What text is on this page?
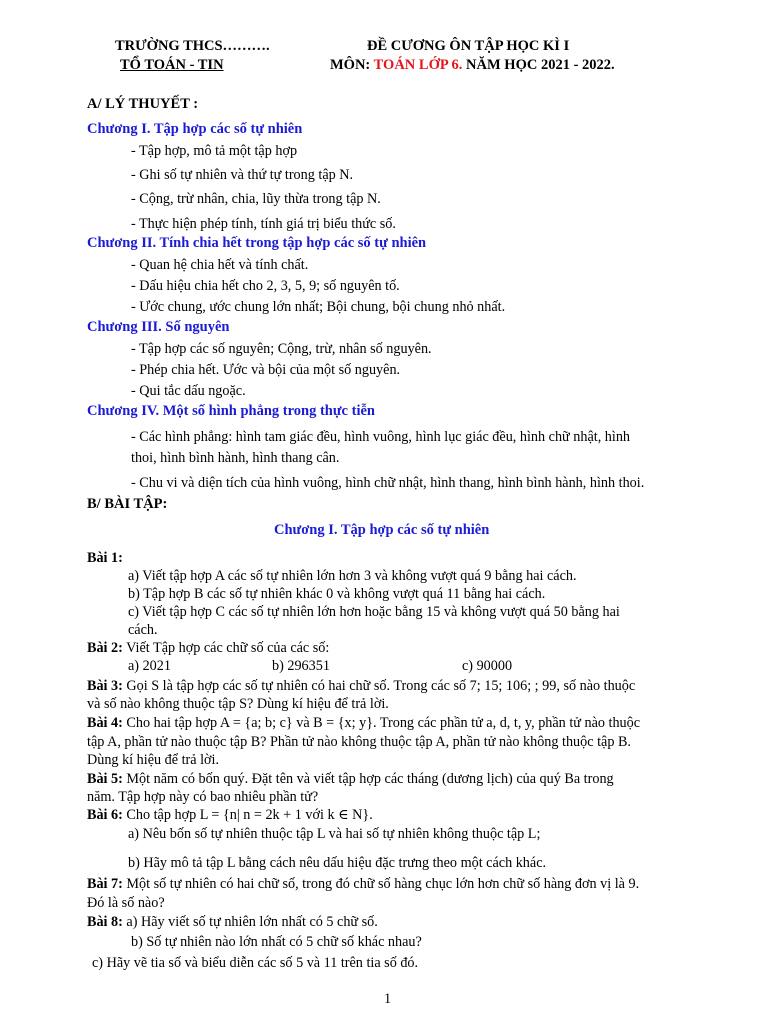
TRƯỜNG THCS……….
TỔ TOÁN - TIN
ĐỀ CƯƠNG ÔN TẬP HỌC KÌ I
MÔN: TOÁN LỚP 6. NĂM HỌC 2021 - 2022.
A/ LÝ THUYẾT :
Chương I. Tập hợp các số tự nhiên
- Tập hợp, mô tả một tập hợp
- Ghi số tự nhiên và thứ tự trong tập N.
- Cộng, trừ nhân, chia, lũy thừa trong tập N.
- Thực hiện phép tính, tính giá trị biểu thức số.
Chương II. Tính chia hết trong tập hợp các số tự nhiên
- Quan hệ chia hết và tính chất.
- Dấu hiệu chia hết cho 2, 3, 5, 9; số nguyên tố.
- Ước chung, ước chung lớn nhất; Bội chung, bội chung nhỏ nhất.
Chương III. Số nguyên
- Tập hợp các số nguyên; Cộng, trừ, nhân số nguyên.
- Phép chia hết. Ước và bội của một số nguyên.
- Qui tắc dấu ngoặc.
Chương IV. Một số hình phẳng trong thực tiễn
- Các hình phẳng: hình tam giác đều, hình vuông, hình lục giác đều, hình chữ nhật, hình
thoi, hình bình hành, hình thang cân.
- Chu vi và diện tích của hình vuông, hình chữ nhật, hình thang, hình bình hành, hình thoi.
B/ BÀI TẬP:
Chương I. Tập hợp các số tự nhiên
Bài 1:
a) Viết tập hợp A các số tự nhiên lớn hơn 3 và không vượt quá 9 bằng hai cách.
b) Tập hợp B các số tự nhiên khác 0 và không vượt quá 11 bằng hai cách.
c) Viết tập hợp C các số tự nhiên lớn hơn hoặc bằng 15 và không vượt quá 50 bằng hai
cách.
Bài 2: Viết Tập hợp các chữ số của các số:
a) 2021	b) 296351	c) 90000
Bài 3: Gọi S là tập hợp các số tự nhiên có hai chữ số. Trong các số 7; 15; 106; ; 99, số nào thuộc
và số nào không thuộc tập S? Dùng kí hiệu để trả lời.
Bài 4: Cho hai tập hợp A = {a; b; c} và B = {x; y}. Trong các phần tử a, d, t, y, phần tử nào thuộc
tập A, phần tử nào thuộc tập B? Phần tử nào không thuộc tập A, phần tử nào không thuộc tập B.
Dùng kí hiệu để trả lời.
Bài 5: Một năm có bốn quý. Đặt tên và viết tập hợp các tháng (dương lịch) của quý Ba trong
năm. Tập hợp này có bao nhiêu phần tử?
Bài 6: Cho tập hợp L = {n| n = 2k + 1 với k ∈ N}.
a) Nêu bốn số tự nhiên thuộc tập L và hai số tự nhiên không thuộc tập L;
b) Hãy mô tả tập L bằng cách nêu dấu hiệu đặc trưng theo một cách khác.
Bài 7: Một số tự nhiên có hai chữ số, trong đó chữ số hàng chục lớn hơn chữ số hàng đơn vị là 9.
Đó là số nào?
Bài 8: a) Hãy viết số tự nhiên lớn nhất có 5 chữ số.
b) Số tự nhiên nào lớn nhất có 5 chữ số khác nhau?
c) Hãy vẽ tia số và biểu diễn các số 5 và 11 trên tia số đó.
1
